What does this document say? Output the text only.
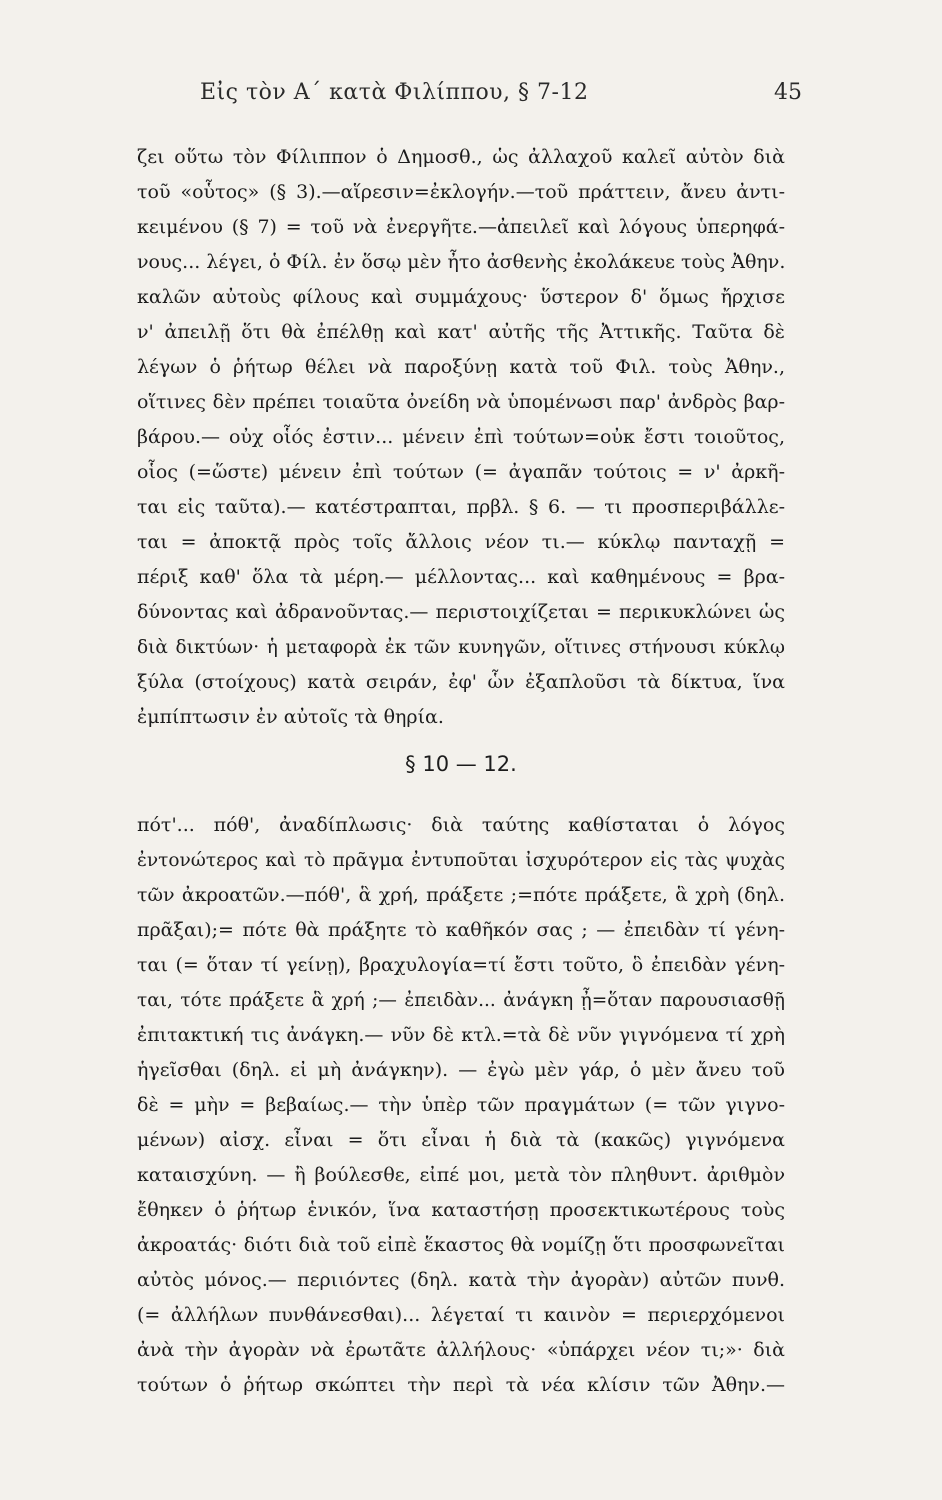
Εἰς τὸν Α΄ κατὰ Φιλίππου, § 7-12	45
ζει οὕτω τὸν Φίλιππον ὁ Δημοσθ., ὡς ἀλλαχοῦ καλεῖ αὐτὸν διὰ
τοῦ «οὗτος» (§ 3).—αἵρεσιν=ἐκλογήν.—τοῦ πράττειν, ἄνευ ἀντι-
κειμένου (§ 7) = τοῦ νὰ ἐνεργῆτε.—ἀπειλεῖ καὶ λόγους ὑπερηφά-
νους... λέγει, ὁ Φίλ. ἐν ὅσῳ μὲν ἦτο ἀσθενὴς ἐκολάκευε τοὺς Ἀθην.
καλῶν αὐτοὺς φίλους καὶ συμμάχους· ὕστερον δ' ὅμως ἤρχισε
ν' ἀπειλῇ ὅτι θὰ ἐπέλθῃ καὶ κατ' αὐτῆς τῆς Ἀττικῆς. Ταῦτα δὲ
λέγων ὁ ῥήτωρ θέλει νὰ παροξύνῃ κατὰ τοῦ Φιλ. τοὺς Ἀθην.,
οἵτινες δὲν πρέπει τοιαῦτα ὀνείδη νὰ ὑπομένωσι παρ' ἀνδρὸς βαρ-
βάρου.— οὐχ οἷός ἐστιν... μένειν ἐπὶ τούτων=οὐκ ἔστι τοιοῦτος,
οἷος (=ὥστε) μένειν ἐπὶ τούτων (= ἀγαπᾶν τούτοις = ν' ἀρκῆ-
ται εἰς ταῦτα).— κατέστραπται, πρβλ. § 6. — τι προσπεριβάλλε-
ται = ἀποκτᾷ πρὸς τοῖς ἄλλοις νέον τι.— κύκλῳ πανταχῇ =
πέριξ καθ' ὅλα τὰ μέρη.— μέλλοντας... καὶ καθημένους = βρα-
δύνοντας καὶ ἀδρανοῦντας.— περιστοιχίζεται = περικυκλώνει ὡς
διὰ δικτύων· ἡ μεταφορὰ ἐκ τῶν κυνηγῶν, οἵτινες στήνουσι κύκλῳ
ξύλα (στοίχους) κατὰ σειράν, ἐφ' ὧν ἐξαπλοῦσι τὰ δίκτυα, ἵνα
ἐμπίπτωσιν ἐν αὐτοῖς τὰ θηρία.
§ 10 — 12.
πότ'... πόθ', ἀναδίπλωσις· διὰ ταύτης καθίσταται ὁ λόγος
ἐντονώτερος καὶ τὸ πρᾶγμα ἐντυποῦται ἰσχυρότερον εἰς τὰς ψυχὰς
τῶν ἀκροατῶν.—πόθ', ἃ χρή, πράξετε ;=πότε πράξετε, ἃ χρὴ (δηλ.
πρᾶξαι);= πότε θὰ πράξητε τὸ καθῆκόν σας ; — ἐπειδὰν τί γένη-
ται (= ὅταν τί γείνῃ), βραχυλογία=τί ἔστι τοῦτο, ὃ ἐπειδὰν γένη-
ται, τότε πράξετε ἃ χρή ;— ἐπειδὰν... ἀνάγκη ᾖ=ὅταν παρουσιασθῇ
ἐπιτακτική τις ἀνάγκη.— νῦν δὲ κτλ.=τὰ δὲ νῦν γιγνόμενα τί χρὴ
ἡγεῖσθαι (δηλ. εἰ μὴ ἀνάγκην). — ἐγὼ μὲν γάρ, ὁ μὲν ἄνευ τοῦ
δὲ = μὴν = βεβαίως.— τὴν ὑπὲρ τῶν πραγμάτων (= τῶν γιγνο-
μένων) αἰσχ. εἶναι = ὅτι εἶναι ἡ διὰ τὰ (κακῶς) γιγνόμενα
καταισχύνη. — ἢ βούλεσθε, εἰπέ μοι, μετὰ τὸν πληθυντ. ἀριθμὸν
ἔθηκεν ὁ ῥήτωρ ἑνικόν, ἵνα καταστήσῃ προσεκτικωτέρους τοὺς
ἀκροατάς· διότι διὰ τοῦ εἰπὲ ἕκαστος θὰ νομίζῃ ὅτι προσφωνεῖται
αὐτὸς μόνος.— περιιόντες (δηλ. κατὰ τὴν ἀγορὰν) αὐτῶν πυνθ.
(= ἀλλήλων πυνθάνεσθαι)... λέγεταί τι καινὸν = περιερχόμενοι
ἀνὰ τὴν ἀγορὰν νὰ ἐρωτᾶτε ἀλλήλους· «ὑπάρχει νέον τι;»· διὰ
τούτων ὁ ῥήτωρ σκώπτει τὴν περὶ τὰ νέα κλίσιν τῶν Ἀθην.—
